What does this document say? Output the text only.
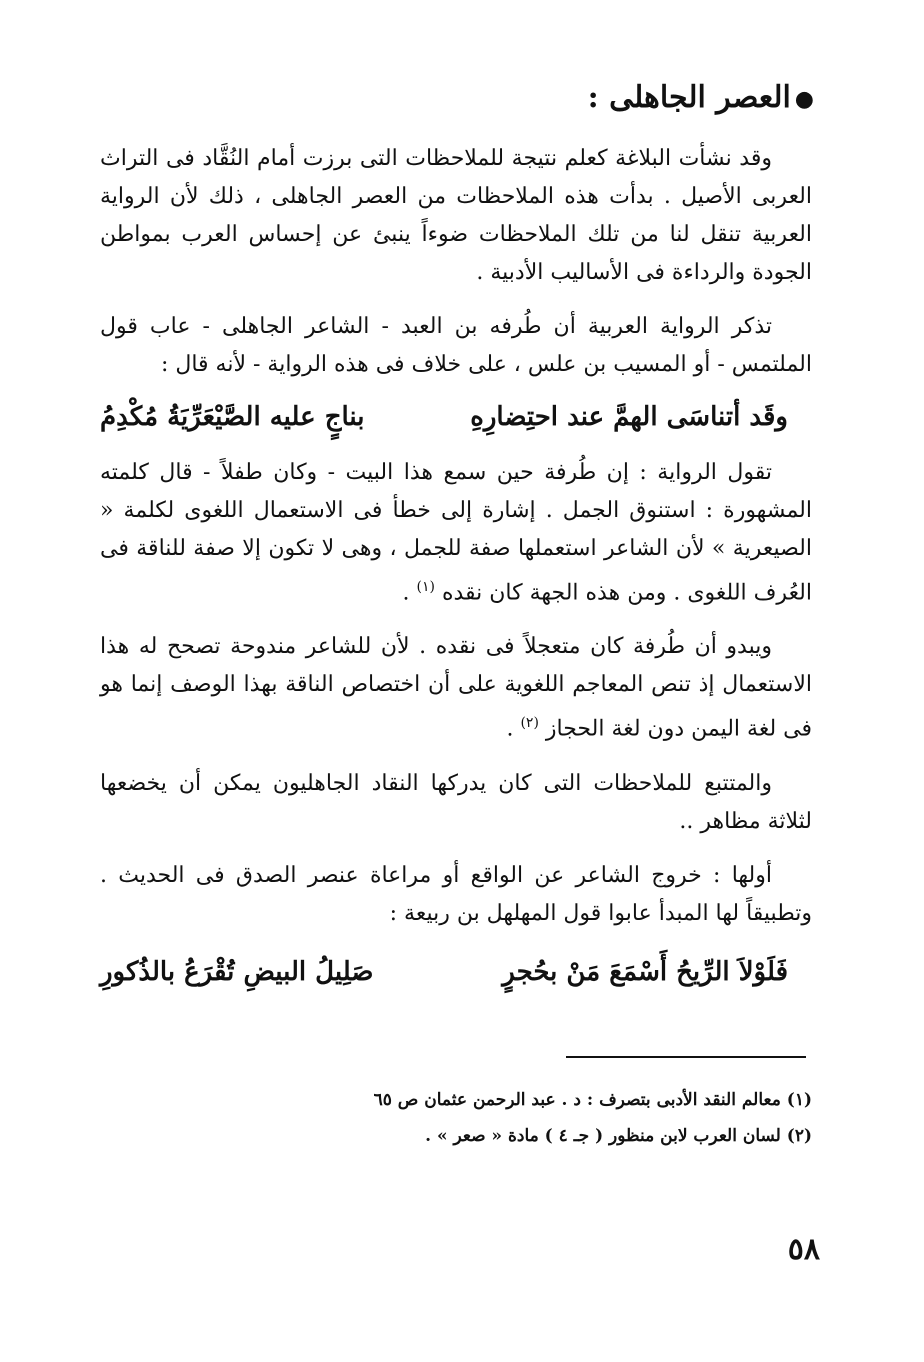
●العصر الجاهلى :

وقد نشأت البلاغة كعلم نتيجة للملاحظات التى برزت أمام النُقَّاد فى التراث العربى الأصيل . بدأت هذه الملاحظات من العصر الجاهلى ، ذلك لأن الرواية العربية تنقل لنا من تلك الملاحظات ضوءاً ينبئ عن إحساس العرب بمواطن الجودة والرداءة فى الأساليب الأدبية .

تذكر الرواية العربية أن طُرفه بن العبد - الشاعر الجاهلى - عاب قول الملتمس - أو المسيب بن علس ، على خلاف فى هذه الرواية - لأنه قال :

وقَد أتناسَى الهمَّ عند احتِضارِهِ
بناجٍ عليه الصَّيْعَرِّيَةُ مُكْدِمُ

تقول الرواية : إن طُرفة حين سمع هذا البيت - وكان طفلاً - قال كلمته المشهورة : استنوق الجمل . إشارة إلى خطأ فى الاستعمال اللغوى لكلمة « الصيعرية » لأن الشاعر استعملها صفة للجمل ، وهى لا تكون إلا صفة للناقة فى العُرف اللغوى . ومن هذه الجهة كان نقده $^{(١)}$ .

ويبدو أن طُرفة كان متعجلاً فى نقده . لأن للشاعر مندوحة تصحح له هذا الاستعمال إذ تنص المعاجم اللغوية على أن اختصاص الناقة بهذا الوصف إنما هو فى لغة اليمن دون لغة الحجاز $^{(٢)}$ .

والمتتبع للملاحظات التى كان يدركها النقاد الجاهليون يمكن أن يخضعها لثلاثة مظاهر ..

أولها : خروج الشاعر عن الواقع أو مراعاة عنصر الصدق فى الحديث . وتطبيقاً لها المبدأ عابوا قول المهلهل بن ربيعة :

فَلَوْلاَ الرِّيحُ أَسْمَعَ مَنْ بحُجرٍ
صَلِيلُ البيضِ تُقْرَعُ بالذُكورِ
(١) معالم النقد الأدبى بتصرف : د . عبد الرحمن عثمان ص ٦٥
(٢) لسان العرب لابن منظور ( جـ ٤ ) مادة « صعر » .
٥٨
